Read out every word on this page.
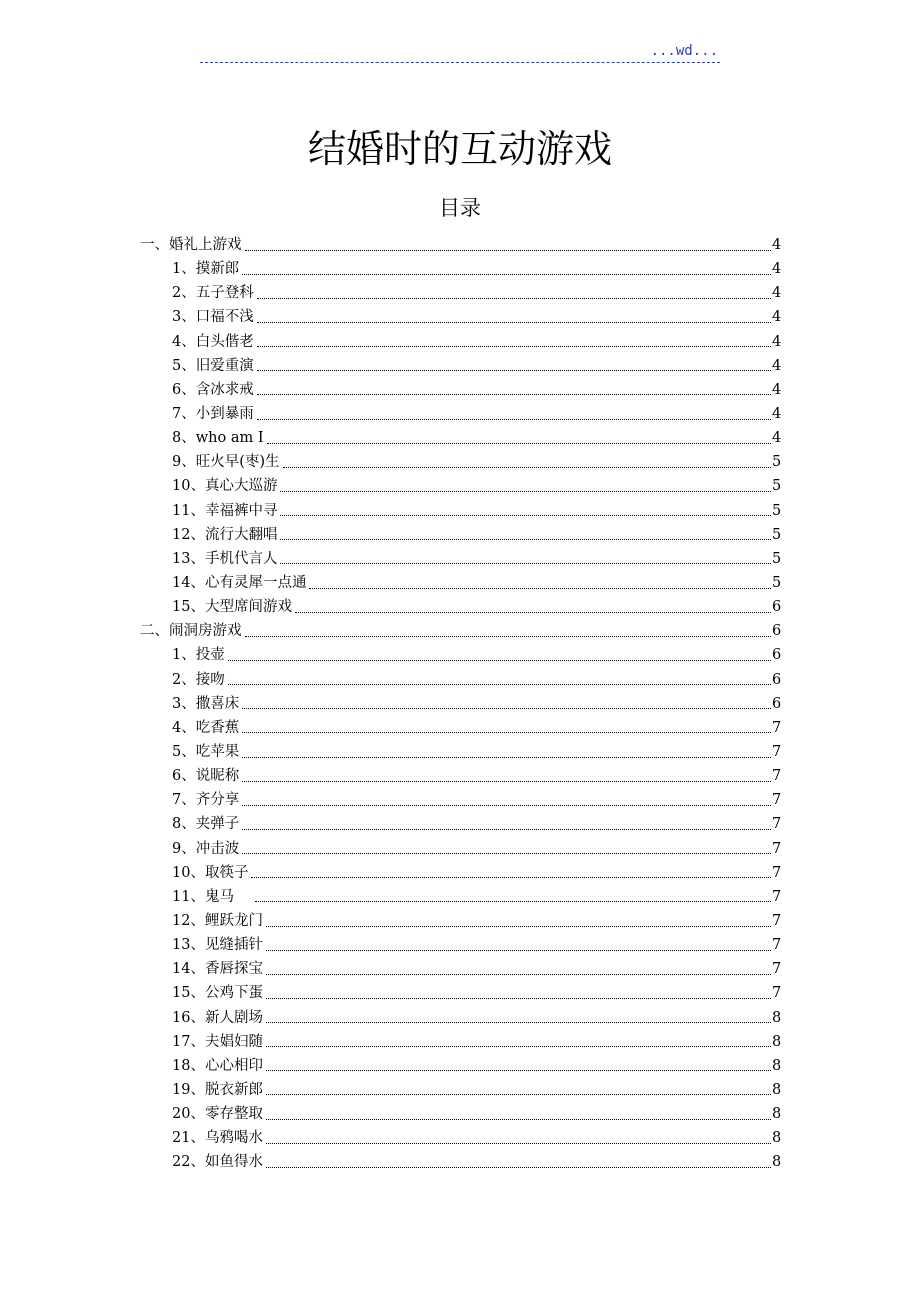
...wd...
结婚时的互动游戏
目录
一、婚礼上游戏	4
1、摸新郎	4
2、五子登科	4
3、口福不浅	4
4、白头偕老	4
5、旧爱重演	4
6、含冰求戒	4
7、小到暴雨	4
8、who am I	4
9、旺火早(枣)生	5
10、真心大巡游	5
11、幸福裤中寻	5
12、流行大翻唱	5
13、手机代言人	5
14、心有灵犀一点通	5
15、大型席间游戏	6
二、闹洞房游戏	6
1、投壶	6
2、接吻	6
3、撒喜床	6
4、吃香蕉	7
5、吃苹果	7
6、说昵称	7
7、齐分享	7
8、夹弹子	7
9、冲击波	7
10、取筷子	7
11、鬼马	7
12、鲤跃龙门	7
13、见缝插针	7
14、香唇探宝	7
15、公鸡下蛋	7
16、新人剧场	8
17、夫娼妇随	8
18、心心相印	8
19、脱衣新郎	8
20、零存整取	8
21、乌鸦喝水	8
22、如鱼得水	8
